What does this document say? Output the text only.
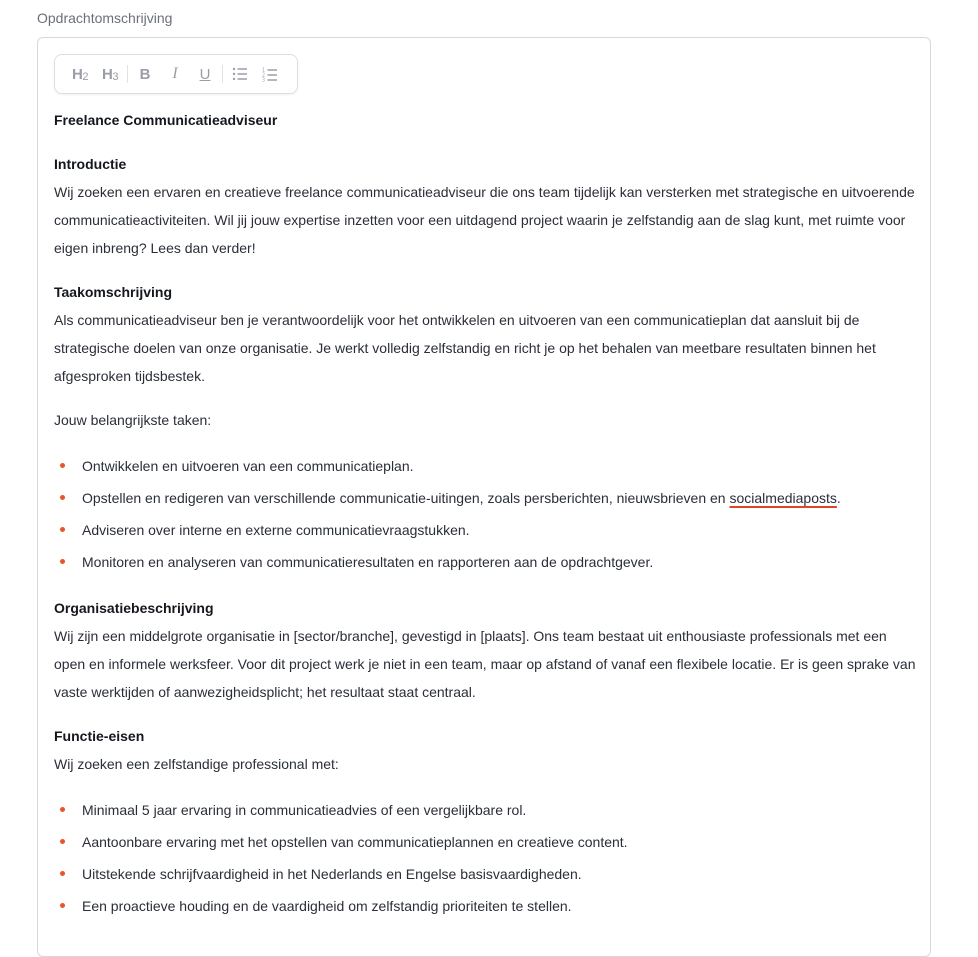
Opdrachtomschrijving
$H_2$ $H_3$ B I U	1
2
3
Freelance Communicatieadviseur
Introductie

Wij zoeken een ervaren en creatieve freelance communicatieadviseur die ons team tijdelijk kan versterken met strategische en uitvoerende communicatieactiviteiten. Wil jij jouw expertise inzetten voor een uitdagend project waarin je zelfstandig aan de slag kunt, met ruimte voor eigen inbreng? Lees dan verder!

Taakomschrijving

Als communicatieadviseur ben je verantwoordelijk voor het ontwikkelen en uitvoeren van een communicatieplan dat aansluit bij de strategische doelen van onze organisatie. Je werkt volledig zelfstandig en richt je op het behalen van meetbare resultaten binnen het afgesproken tijdsbestek.

Jouw belangrijkste taken:

Ontwikkelen en uitvoeren van een communicatieplan.
Opstellen en redigeren van verschillende communicatie-uitingen, zoals persberichten, nieuwsbrieven en socialmediaposts.
Adviseren over interne en externe communicatievraagstukken.
Monitoren en analyseren van communicatieresultaten en rapporteren aan de opdrachtgever.
Organisatiebeschrijving

Wij zijn een middelgrote organisatie in [sector/branche], gevestigd in [plaats]. Ons team bestaat uit enthousiaste professionals met een open en informele werksfeer. Voor dit project werk je niet in een team, maar op afstand of vanaf een flexibele locatie. Er is geen sprake van vaste werktijden of aanwezigheidsplicht; het resultaat staat centraal.

Functie-eisen

Wij zoeken een zelfstandige professional met:

Minimaal 5 jaar ervaring in communicatieadvies of een vergelijkbare rol.
Aantoonbare ervaring met het opstellen van communicatieplannen en creatieve content.
Uitstekende schrijfvaardigheid in het Nederlands en Engelse basisvaardigheden.
Een proactieve houding en de vaardigheid om zelfstandig prioriteiten te stellen.
